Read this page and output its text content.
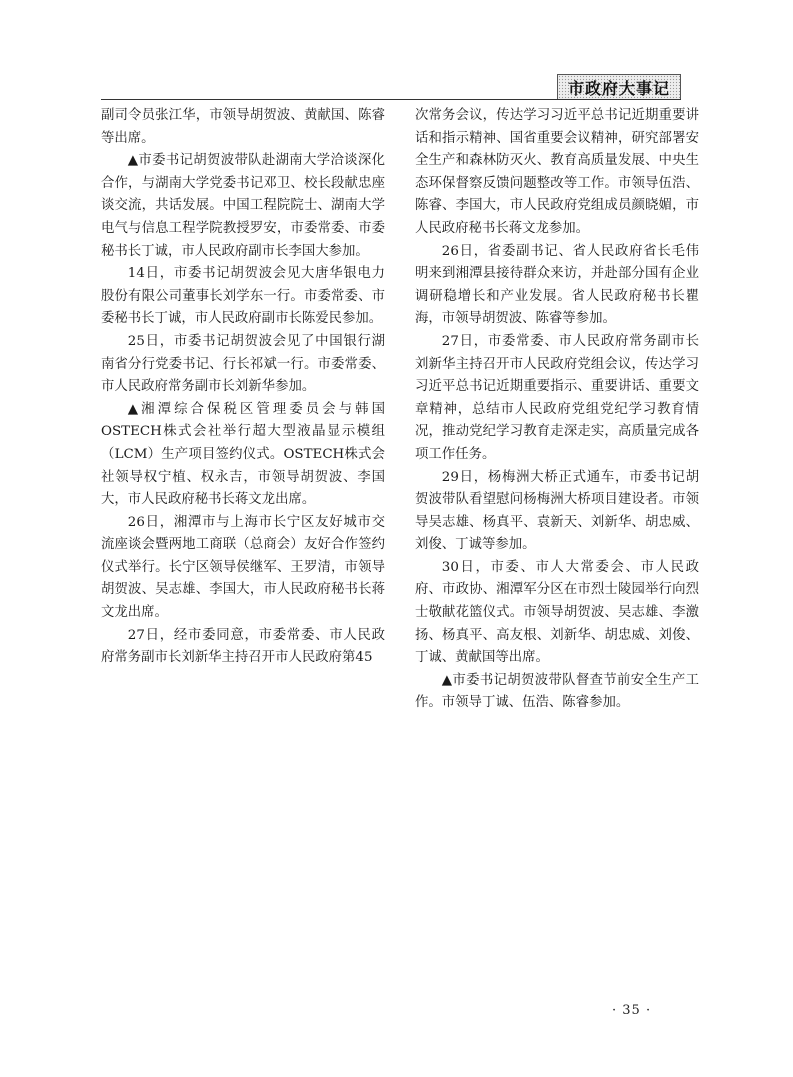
市政府大事记

副司令员张江华，市领导胡贺波、黄献国、陈睿等出席。

▲市委书记胡贺波带队赴湖南大学洽谈深化合作，与湖南大学党委书记邓卫、校长段献忠座谈交流，共话发展。中国工程院院士、湖南大学电气与信息工程学院教授罗安，市委常委、市委秘书长丁诚，市人民政府副市长李国大参加。

14日，市委书记胡贺波会见大唐华银电力股份有限公司董事长刘学东一行。市委常委、市委秘书长丁诚，市人民政府副市长陈爱民参加。

25日，市委书记胡贺波会见了中国银行湖南省分行党委书记、行长祁斌一行。市委常委、市人民政府常务副市长刘新华参加。

▲湘潭综合保税区管理委员会与韩国OSTECH株式会社举行超大型液晶显示模组（LCM）生产项目签约仪式。OSTECH株式会社领导权宁植、权永吉，市领导胡贺波、李国大，市人民政府秘书长蒋文龙出席。

26日，湘潭市与上海市长宁区友好城市交流座谈会暨两地工商联（总商会）友好合作签约仪式举行。长宁区领导侯继军、王罗清，市领导胡贺波、吴志雄、李国大，市人民政府秘书长蒋文龙出席。

27日，经市委同意，市委常委、市人民政府常务副市长刘新华主持召开市人民政府第45

次常务会议，传达学习习近平总书记近期重要讲话和指示精神、国省重要会议精神，研究部署安全生产和森林防灭火、教育高质量发展、中央生态环保督察反馈问题整改等工作。市领导伍浩、陈睿、李国大，市人民政府党组成员颜晓媚，市人民政府秘书长蒋文龙参加。

26日，省委副书记、省人民政府省长毛伟明来到湘潭县接待群众来访，并赴部分国有企业调研稳增长和产业发展。省人民政府秘书长瞿海，市领导胡贺波、陈睿等参加。

27日，市委常委、市人民政府常务副市长刘新华主持召开市人民政府党组会议，传达学习习近平总书记近期重要指示、重要讲话、重要文章精神，总结市人民政府党组党纪学习教育情况，推动党纪学习教育走深走实，高质量完成各项工作任务。

29日，杨梅洲大桥正式通车，市委书记胡贺波带队看望慰问杨梅洲大桥项目建设者。市领导吴志雄、杨真平、袁新天、刘新华、胡忠威、刘俊、丁诚等参加。

30日，市委、市人大常委会、市人民政府、市政协、湘潭军分区在市烈士陵园举行向烈士敬献花篮仪式。市领导胡贺波、吴志雄、李激扬、杨真平、高友根、刘新华、胡忠威、刘俊、丁诚、黄献国等出席。

▲市委书记胡贺波带队督查节前安全生产工作。市领导丁诚、伍浩、陈睿参加。

· 35 ·
